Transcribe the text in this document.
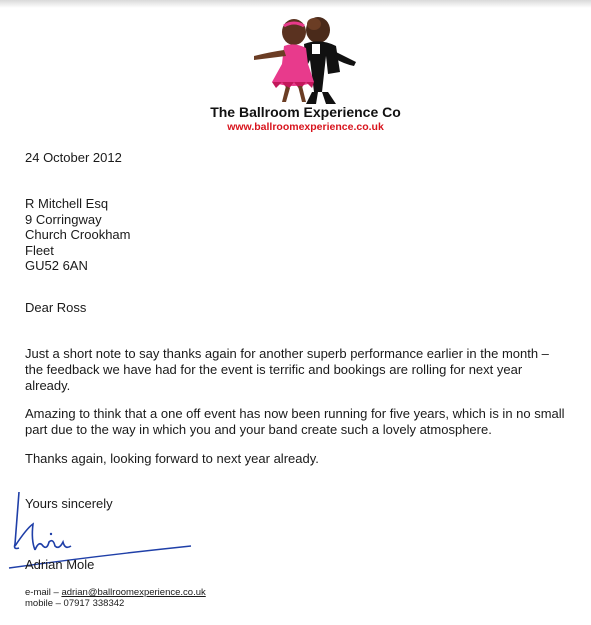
The Ballroom Experience Co
www.ballroomexperience.co.uk
24 October 2012
R Mitchell Esq
9 Corringway
Church Crookham
Fleet
GU52 6AN
Dear Ross
Just a short note to say thanks again for another superb performance earlier in the month – the feedback we have had for the event is terrific and bookings are rolling for next year already.
Amazing to think that a one off event has now been running for five years, which is in no small part due to the way in which you and your band create such a lovely atmosphere.
Thanks again, looking forward to next year already.
Yours sincerely
Adrian Mole
e-mail – adrian@ballroomexperience.co.uk
mobile – 07917 338342
